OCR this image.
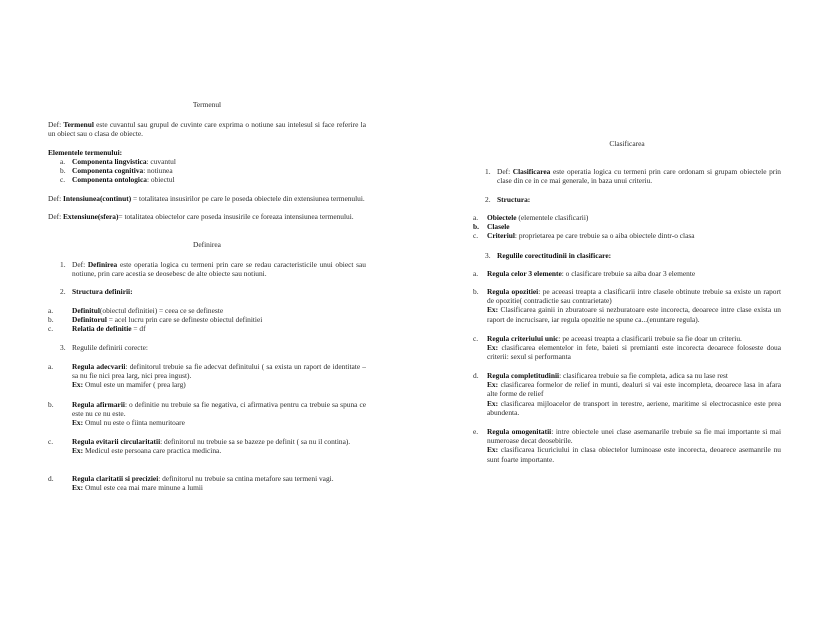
Termenul
Def: Termenul este cuvantul sau grupul de cuvinte care exprima o notiune sau intelesul si face referire la un obiect sau o clasa de obiecte.
Elementele termenului:
a. Componenta lingvistica: cuvantul
b. Componenta cognitiva: notiunea
c. Componenta ontologica: obiectul
Def: Intensiunea(continut) = totalitatea insusirilor pe care le poseda obiectele din extensiunea termenului.
Def: Extensiune(sfera)= totalitatea obiectelor care poseda insusirile ce foreaza intensiunea termenului.
Definirea
1. Def: Definirea este operatia logica cu termeni prin care se redau caracteristicile unui obiect sau notiune, prin care acestia se deosebesc de alte obiecte sau notiuni.
2. Structura definirii:
a.	Definitul(obiectul definitiei) = ceea ce se defineste
b. Definitorul = acel lucru prin care se defineste obiectul definitiei
c.	Relatia de definitie = df
3. Regulile definirii corecte:
a.	Regula adecvarii: definitorul trebuie sa fie adecvat definitului ( sa exista un raport de identitate – sa nu fie nici prea larg, nici prea ingust).
Ex: Omul este un mamifer ( prea larg)
b. Regula afirmarii: o definitie nu trebuie sa fie negativa, ci afirmativa pentru ca trebuie sa spuna ce este nu ce nu este.
Ex: Omul nu este o fiinta nemuritoare
c.	Regula evitarii circularitatii: definitorul nu trebuie sa se bazeze pe definit ( sa nu il contina).
Ex: Medicul este persoana care practica medicina.
d. Regula claritatii si preciziei: definitorul nu trebuie sa cntina metafore sau termeni vagi.
Ex: Omul este cea mai mare minune a lumii
Clasificarea
1. Def: Clasificarea este operatia logica cu termeni prin care ordonam si grupam obiectele prin clase din ce in ce mai generale, in baza unui criteriu.
2. Structura:
a. Obiectele (elementele clasificarii)
b. Clasele
c. Criteriul: proprietarea pe care trebuie sa o aiba obiectele dintr-o clasa
3. Regulile corectitudinii in clasificare:
a. Regula celor 3 elemente: o clasificare trebuie sa aiba doar 3 elemente
b. Regula opozitiei: pe aceeasi treapta a clasificarii intre clasele obtinute trebuie sa existe un raport de opozitie( contradictie sau contrarietate)
Ex: Clasificarea gainii in zburatoare si nezburatoare este incorecta, deoarece intre clase exista un raport de incrucisare, iar regula opozitie ne spune ca...(enuntare regula).
c. Regula criteriului unic: pe aceeasi treapta a clasificarii trebuie sa fie doar un criteriu.
Ex: clasificarea elementelor in fete, baieti si premianti este incorecta deoarece foloseste doua criterii: sexul si performanta
d. Regula completitudinii: clasificarea trebuie sa fie completa, adica sa nu lase rest
Ex: clasificarea formelor de relief in munti, dealuri si vai este incompleta, deoarece lasa in afara alte forme de relief
Ex: clasificarea mijloacelor de transport in terestre, aeriene, maritime si electrocasnice este prea abundenta.
e. Regula omogenitatii: intre obiectele unei clase asemanarile trebuie sa fie mai importante si mai numeroase decat deosebirile.
Ex: clasificarea licuriciului in clasa obiectelor luminoase este incorecta, deoarece asemanrile nu sunt foarte importante.
